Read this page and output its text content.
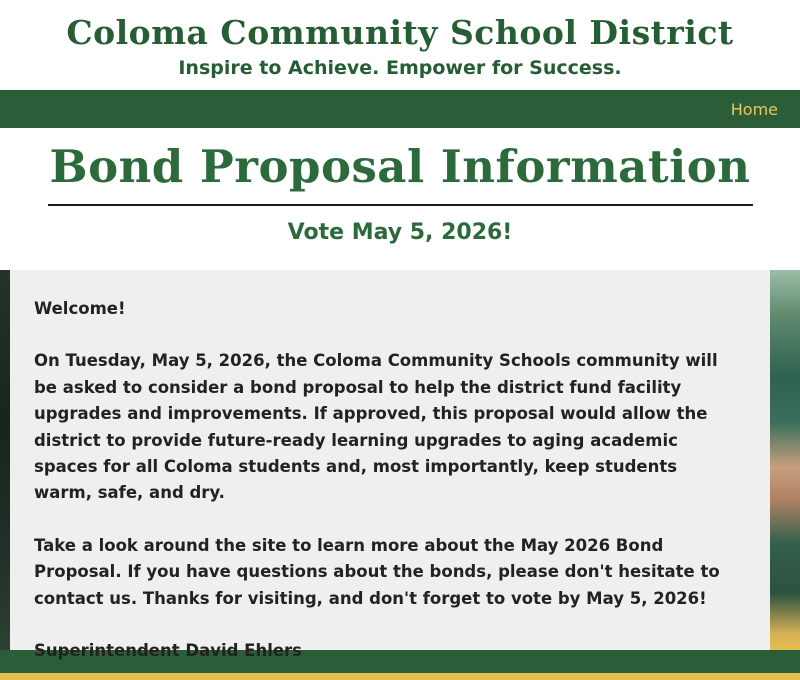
Coloma Community School District
Inspire to Achieve. Empower for Success.
Home
Bond Proposal Information
Vote May 5, 2026!

Welcome!

On Tuesday, May 5, 2026, the Coloma Community Schools community will be asked to consider a bond proposal to help the district fund facility upgrades and improvements. If approved, this proposal would allow the district to provide future-ready learning upgrades to aging academic spaces for all Coloma students and, most importantly, keep students warm, safe, and dry.

Take a look around the site to learn more about the May 2026 Bond Proposal. If you have questions about the bonds, please don't hesitate to contact us. Thanks for visiting, and don't forget to vote by May 5, 2026!

Superintendent David Ehlers
